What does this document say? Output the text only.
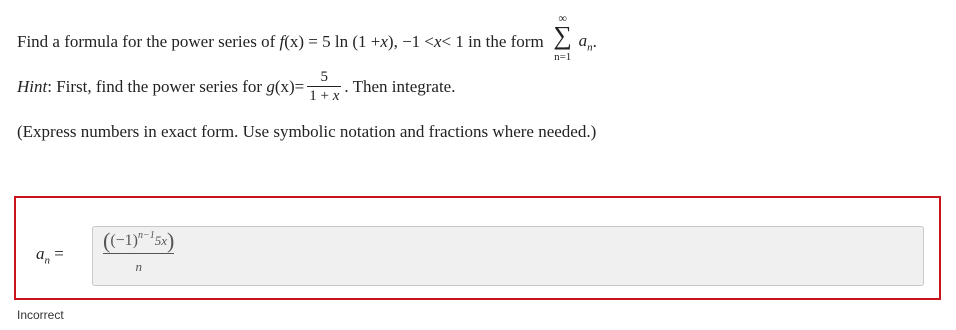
Find a formula for the power series of
f (x)
= 5 ln (1 + x ), −1 < x < 1 in the form
∞
∑
n=1
$a_n$ .
Hint : First, find the power series for
g $(x) = \frac{5}{1 + x}$ . Then integrate.
(Express numbers in exact form. Use symbolic notation and fractions where needed.)
$a_n$ =
( $(-1)^{n-1}$ 5x )
n
Incorrect
